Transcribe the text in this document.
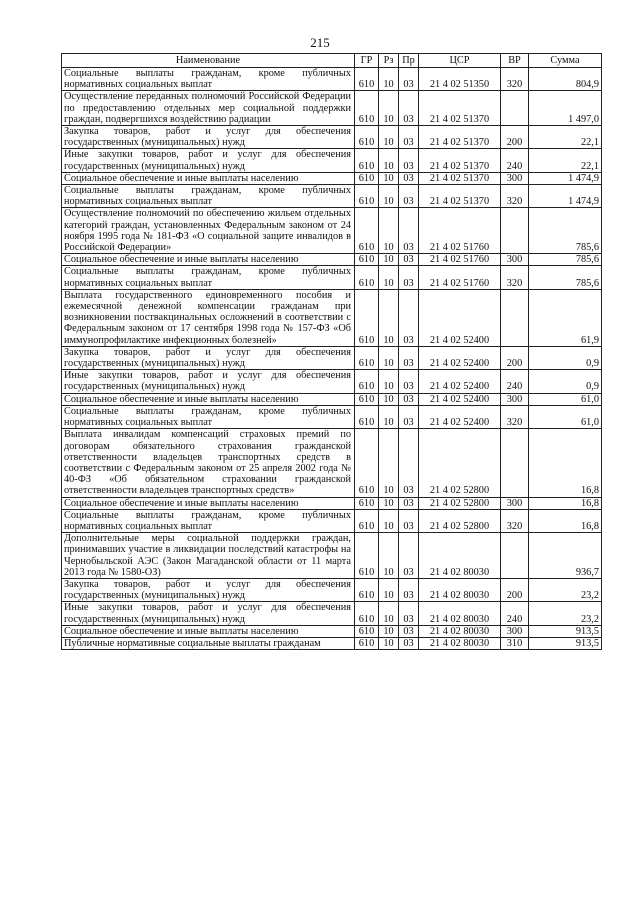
215
Наименование	ГР	Рз	Пр	ЦСР	ВР	Сумма
Социальные выплаты гражданам, кроме публичных нормативных социальных выплат	610	10	03	21 4 02 51350	320	804,9
Осуществление переданных полномочий Российской Федерации по предоставлению отдельных мер социальной поддержки граждан, подвергшихся воздействию радиации	610	10	03	21 4 02 51370		1 497,0
Закупка товаров, работ и услуг для обеспечения государственных (муниципальных) нужд	610	10	03	21 4 02 51370	200	22,1
Иные закупки товаров, работ и услуг для обеспечения государственных (муниципальных) нужд	610	10	03	21 4 02 51370	240	22,1
Социальное обеспечение и иные выплаты населению	610	10	03	21 4 02 51370	300	1 474,9
Социальные выплаты гражданам, кроме публичных нормативных социальных выплат	610	10	03	21 4 02 51370	320	1 474,9
Осуществление полномочий по обеспечению жильем отдельных категорий граждан, установленных Федеральным законом от 24 ноября 1995 года № 181-ФЗ «О социальной защите инвалидов в Российской Федерации»	610	10	03	21 4 02 51760		785,6
Социальное обеспечение и иные выплаты населению	610	10	03	21 4 02 51760	300	785,6
Социальные выплаты гражданам, кроме публичных нормативных социальных выплат	610	10	03	21 4 02 51760	320	785,6
Выплата государственного единовременного пособия и ежемесячной денежной компенсации гражданам при возникновении поствакцинальных осложнений в соответствии с Федеральным законом от 17 сентября 1998 года № 157-ФЗ «Об иммунопрофилактике инфекционных болезней»	610	10	03	21 4 02 52400		61,9
Закупка товаров, работ и услуг для обеспечения государственных (муниципальных) нужд	610	10	03	21 4 02 52400	200	0,9
Иные закупки товаров, работ и услуг для обеспечения государственных (муниципальных) нужд	610	10	03	21 4 02 52400	240	0,9
Социальное обеспечение и иные выплаты населению	610	10	03	21 4 02 52400	300	61,0
Социальные выплаты гражданам, кроме публичных нормативных социальных выплат	610	10	03	21 4 02 52400	320	61,0
Выплата инвалидам компенсаций страховых премий по договорам обязательного страхования гражданской ответственности владельцев транспортных средств в соответствии с Федеральным законом от 25 апреля 2002 года № 40-ФЗ «Об обязательном страховании гражданской ответственности владельцев транспортных средств»	610	10	03	21 4 02 52800		16,8
Социальное обеспечение и иные выплаты населению	610	10	03	21 4 02 52800	300	16,8
Социальные выплаты гражданам, кроме публичных нормативных социальных выплат	610	10	03	21 4 02 52800	320	16,8
Дополнительные меры социальной поддержки граждан, принимавших участие в ликвидации последствий катастрофы на Чернобыльской АЭС (Закон Магаданской области от 11 марта 2013 года № 1580-ОЗ)	610	10	03	21 4 02 80030		936,7
Закупка товаров, работ и услуг для обеспечения государственных (муниципальных) нужд	610	10	03	21 4 02 80030	200	23,2
Иные закупки товаров, работ и услуг для обеспечения государственных (муниципальных) нужд	610	10	03	21 4 02 80030	240	23,2
Социальное обеспечение и иные выплаты населению	610	10	03	21 4 02 80030	300	913,5
Публичные нормативные социальные выплаты гражданам	610	10	03	21 4 02 80030	310	913,5
